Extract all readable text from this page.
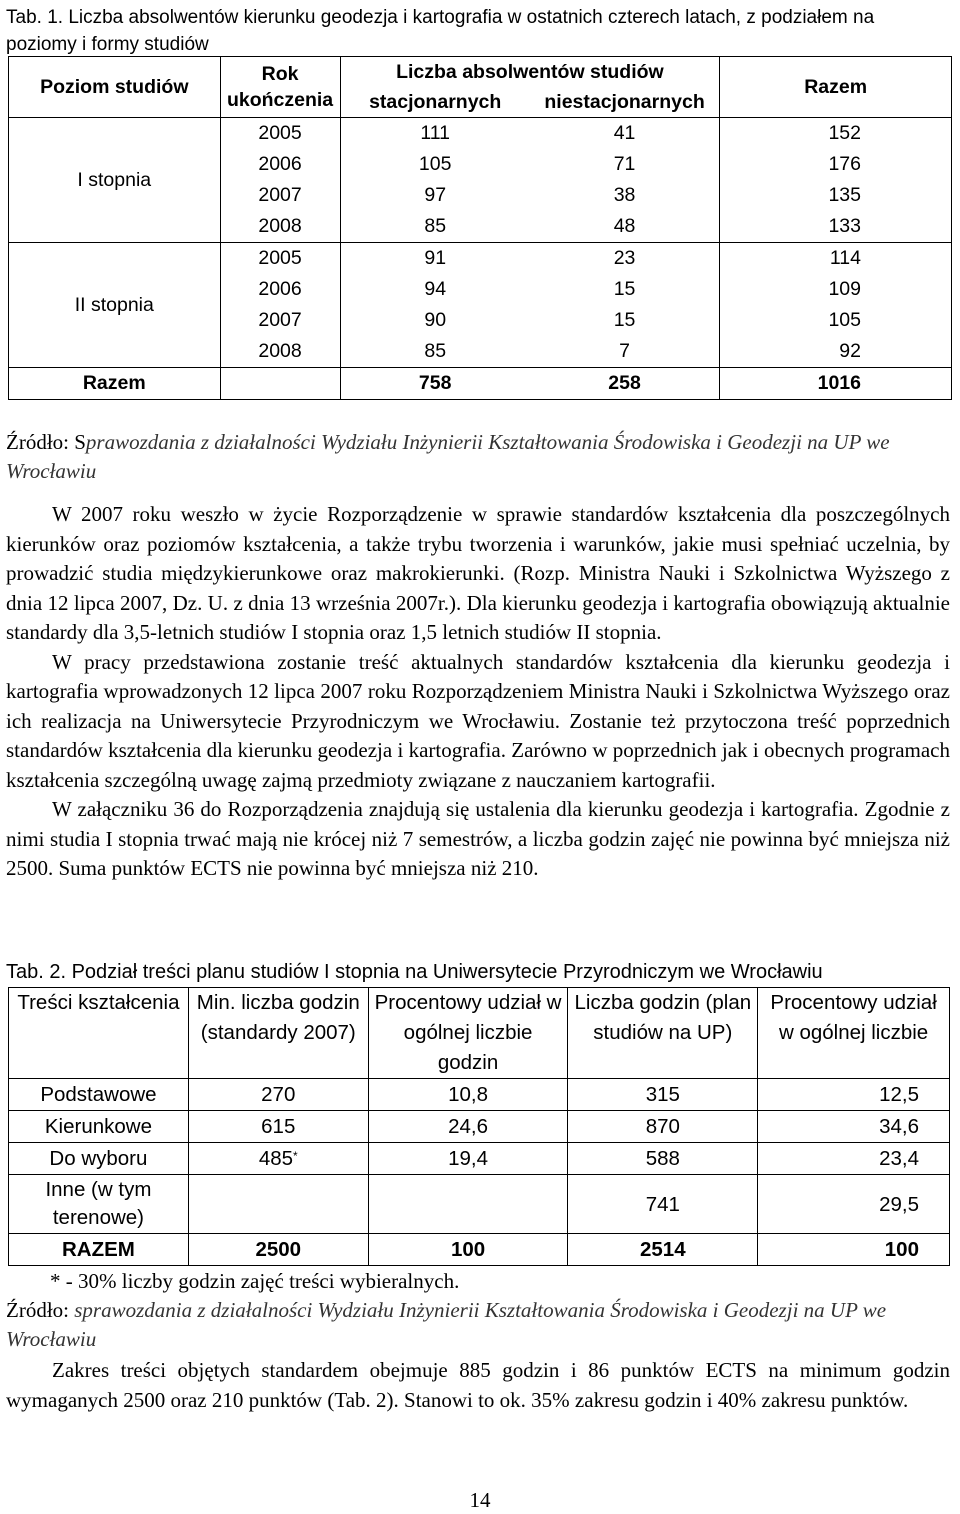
Tab. 1. Liczba absolwentów kierunku geodezja i kartografia w ostatnich czterech latach, z podziałem na poziomy i formy studiów
Poziom studiów	Rok ukończenia	Liczba absolwentów studiów		Razem
		stacjonarnych	niestacjonarnych	
I stopnia	2005	111	41	152
	2006	105	71	176
	2007	97	38	135
	2008	85	48	133
II stopnia	2005	91	23	114
	2006	94	15	109
	2007	90	15	105
	2008	85	7	92
Razem		758	258	1016
Źródło: Sprawozdania z działalności Wydziału Inżynierii Kształtowania Środowiska i Geodezji na UP we Wrocławiu

W 2007 roku weszło w życie Rozporządzenie w sprawie standardów kształcenia dla poszczególnych kierunków oraz poziomów kształcenia, a także trybu tworzenia i warunków, jakie musi spełniać uczelnia, by prowadzić studia międzykierunkowe oraz makrokierunki. (Rozp. Ministra Nauki i Szkolnictwa Wyższego z dnia 12 lipca 2007, Dz. U. z dnia 13 września 2007r.). Dla kierunku geodezja i kartografia obowiązują aktualnie standardy dla 3,5-letnich studiów I stopnia oraz 1,5 letnich studiów II stopnia.

W pracy przedstawiona zostanie treść aktualnych standardów kształcenia dla kierunku geodezja i kartografia wprowadzonych 12 lipca 2007 roku Rozporządzeniem Ministra Nauki i Szkolnictwa Wyższego oraz ich realizacja na Uniwersytecie Przyrodniczym we Wrocławiu. Zostanie też przytoczona treść poprzednich standardów kształcenia dla kierunku geodezja i kartografia. Zarówno w poprzednich jak i obecnych programach kształcenia szczególną uwagę zajmą przedmioty związane z nauczaniem kartografii.

W załączniku 36 do Rozporządzenia znajdują się ustalenia dla kierunku geodezja i kartografia. Zgodnie z nimi studia I stopnia trwać mają nie krócej niż 7 semestrów, a liczba godzin zajęć nie powinna być mniejsza niż 2500. Suma punktów ECTS nie powinna być mniejsza niż 210.

Tab. 2. Podział treści planu studiów I stopnia na Uniwersytecie Przyrodniczym we Wrocławiu
Treści kształcenia	Min. liczba godzin (standardy 2007)	Procentowy udział w ogólnej liczbie godzin	Liczba godzin (plan studiów na UP)	Procentowy udział w ogólnej liczbie
Podstawowe	270	10,8	315	12,5
Kierunkowe	615	24,6	870	34,6
Do wyboru	485*	19,4	588	23,4
Inne (w tym terenowe)			741	29,5
RAZEM	2500	100	2514	100
* - 30% liczby godzin zajęć treści wybieralnych.
Źródło: sprawozdania z działalności Wydziału Inżynierii Kształtowania Środowiska i Geodezji na UP we Wrocławiu

Zakres treści objętych standardem obejmuje 885 godzin i 86 punktów ECTS na minimum godzin wymaganych 2500 oraz 210 punktów (Tab. 2). Stanowi to ok. 35% zakresu godzin i 40% zakresu punktów.

14
